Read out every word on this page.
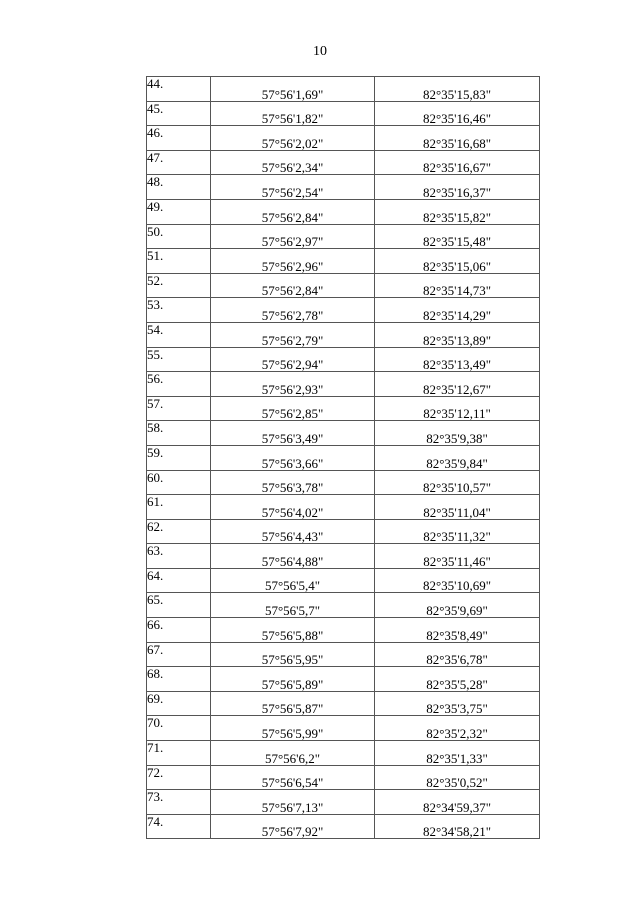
10
44.	57°56'1,69"	82°35'15,83"
45.	57°56'1,82"	82°35'16,46"
46.	57°56'2,02"	82°35'16,68"
47.	57°56'2,34"	82°35'16,67"
48.	57°56'2,54"	82°35'16,37"
49.	57°56'2,84"	82°35'15,82"
50.	57°56'2,97"	82°35'15,48"
51.	57°56'2,96"	82°35'15,06"
52.	57°56'2,84"	82°35'14,73"
53.	57°56'2,78"	82°35'14,29"
54.	57°56'2,79"	82°35'13,89"
55.	57°56'2,94"	82°35'13,49"
56.	57°56'2,93"	82°35'12,67"
57.	57°56'2,85"	82°35'12,11"
58.	57°56'3,49"	82°35'9,38"
59.	57°56'3,66"	82°35'9,84"
60.	57°56'3,78"	82°35'10,57"
61.	57°56'4,02"	82°35'11,04"
62.	57°56'4,43"	82°35'11,32"
63.	57°56'4,88"	82°35'11,46"
64.	57°56'5,4"	82°35'10,69"
65.	57°56'5,7"	82°35'9,69"
66.	57°56'5,88"	82°35'8,49"
67.	57°56'5,95"	82°35'6,78"
68.	57°56'5,89"	82°35'5,28"
69.	57°56'5,87"	82°35'3,75"
70.	57°56'5,99"	82°35'2,32"
71.	57°56'6,2"	82°35'1,33"
72.	57°56'6,54"	82°35'0,52"
73.	57°56'7,13"	82°34'59,37"
74.	57°56'7,92"	82°34'58,21"
